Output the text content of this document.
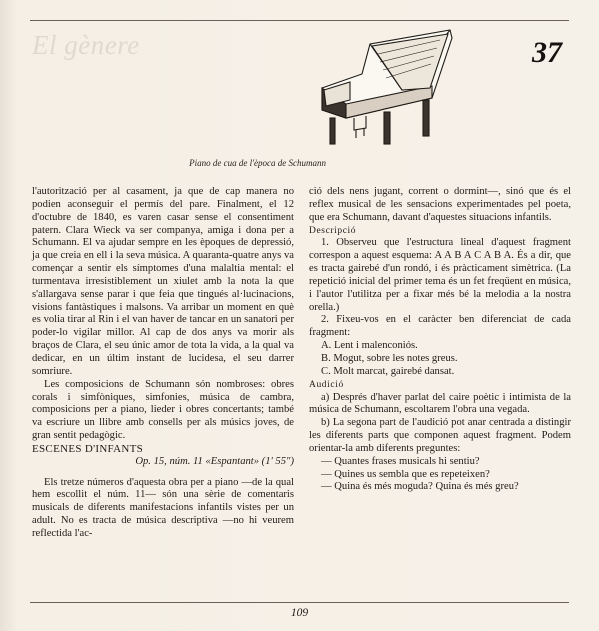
El gènere	37
Piano de cua de l'època de Schumann

l'autorització per al casament, ja que de cap manera no podien aconseguir el permís del pare. Finalment, el 12 d'octubre de 1840, es varen casar sense el consentiment patern. Clara Wieck va ser companya, amiga i dona per a Schumann. El va ajudar sempre en les èpoques de depressió, ja que creia en ell i la seva música. A quaranta-quatre anys va començar a sentir els símptomes d'una malaltia mental: el turmentava irresistiblement un xiulet amb la nota la que s'allargava sense parar i que feia que tingués al·lucinacions, visions fantàstiques i malsons. Va arribar un moment en què es volia tirar al Rin i el van haver de tancar en un sanatori per poder-lo vigilar millor. Al cap de dos anys va morir als braços de Clara, el seu únic amor de tota la vida, a la qual va dedicar, en un últim instant de lucidesa, el seu darrer somriure.

Les composicions de Schumann són nombroses: obres corals i simfòniques, simfonies, música de cambra, composicions per a piano, lieder i obres concertants; també va escriure un llibre amb consells per als músics joves, de gran sentit pedagògic.

ESCENES D'INFANTS

Op. 15, núm. 11 «Espantant» (1' 55")

Els tretze números d'aquesta obra per a piano —de la qual hem escollit el núm. 11— són una sèrie de comentaris musicals de diferents manifestacions infantils vistes per un adult. No es tracta de música descriptiva —no hi veurem reflectida l'ac-

ció dels nens jugant, corrent o dormint—, sinó que és el reflex musical de les sensacions experimentades pel poeta, que era Schumann, davant d'aquestes situacions infantils.

Descripció

1. Observeu que l'estructura lineal d'aquest fragment correspon a aquest esquema: A A B A C A B A. És a dir, que es tracta gairebé d'un rondó, i és pràcticament simètrica. (La repetició inicial del primer tema és un fet freqüent en música, i l'autor l'utilitza per a fixar més bé la melodia a la nostra orella.)

2. Fixeu-vos en el caràcter ben diferenciat de cada fragment:

A. Lent i malenconiós.

B. Mogut, sobre les notes greus.

C. Molt marcat, gairebé dansat.

Audició

a) Després d'haver parlat del caire poètic i intimista de la música de Schumann, escoltarem l'obra una vegada.

b) La segona part de l'audició pot anar centrada a distingir les diferents parts que componen aquest fragment. Podem orientar-la amb diferents preguntes:

— Quantes frases musicals hi sentiu?

— Quines us sembla que es repeteixen?

— Quina és més moguda? Quina és més greu?

109
